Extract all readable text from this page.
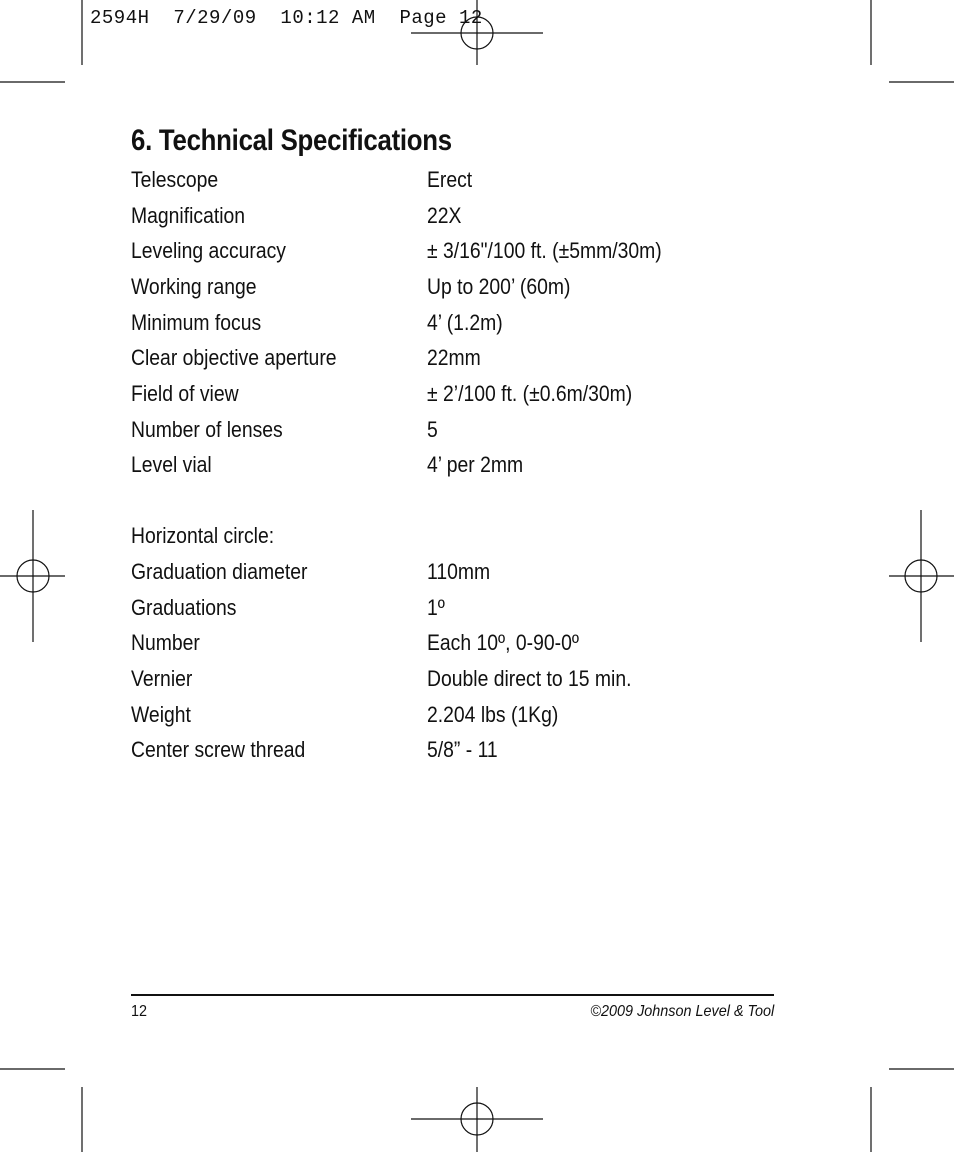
2594H  7/29/09  10:12 AM  Page 12
6. Technical Specifications
Telescope	Erect
Magnification	22X
Leveling accuracy	± 3/16"/100 ft. (±5mm/30m)
Working range	Up to 200’ (60m)
Minimum focus	4’ (1.2m)
Clear objective aperture	22mm
Field of view	± 2’/100 ft. (±0.6m/30m)
Number of lenses	5
Level vial	4’ per 2mm
Horizontal circle:
Graduation diameter	110mm
Graduations	1º
Number	Each 10º, 0-90-0º
Vernier	Double direct to 15 min.
Weight	2.204 lbs (1Kg)
Center screw thread	5/8” - 11
12	©2009 Johnson Level & Tool
